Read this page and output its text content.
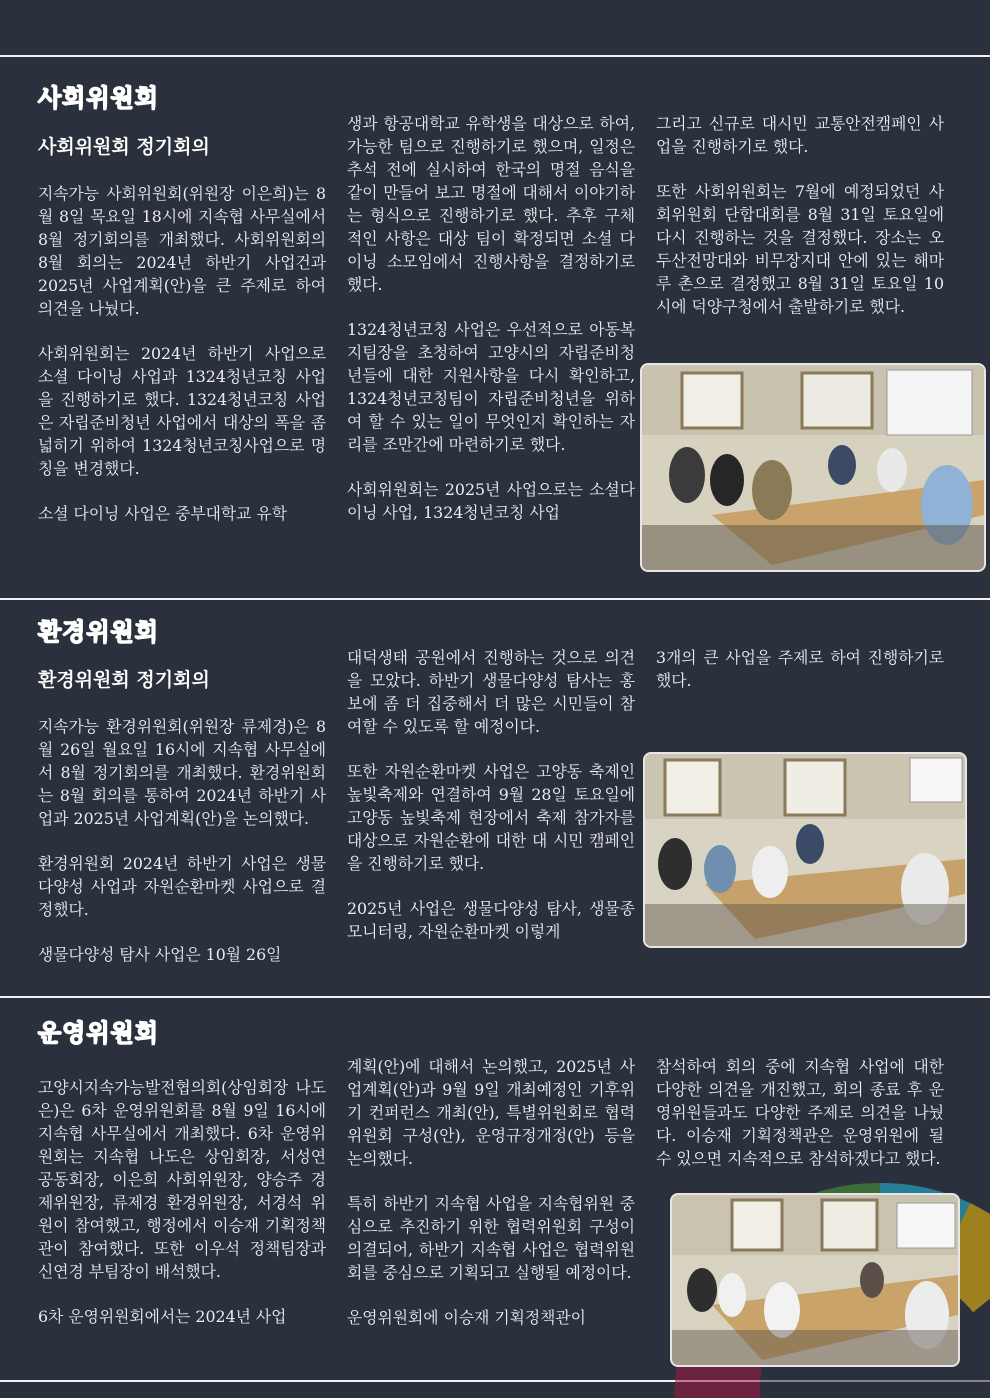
사회위원회
사회위원회 정기회의

지속가능 사회위원회(위원장 이은희)는 8월 8일 목요일 18시에 지속협 사무실에서 8월 정기회의를 개최했다. 사회위원회의 8월 회의는 2024년 하반기 사업건과 2025년 사업계획(안)을 큰 주제로 하여 의견을 나눴다.

사회위원회는 2024년 하반기 사업으로 소셜 다이닝 사업과 1324청년코칭 사업을 진행하기로 했다. 1324청년코칭 사업은 자립준비청년 사업에서 대상의 폭을 좀 넓히기 위하여 1324청년코칭사업으로 명칭을 변경했다.

소셜 다이닝 사업은 중부대학교 유학

생과 항공대학교 유학생을 대상으로 하여, 가능한 팀으로 진행하기로 했으며, 일정은 추석 전에 실시하여 한국의 명절 음식을 같이 만들어 보고 명절에 대해서 이야기하는 형식으로 진행하기로 했다. 추후 구체적인 사항은 대상 팀이 확정되면 소셜 다이닝 소모임에서 진행사항을 결정하기로 했다.

1324청년코칭 사업은 우선적으로 아동복지팀장을 초청하여 고양시의 자립준비청년들에 대한 지원사항을 다시 확인하고, 1324청년코칭팀이 자립준비청년을 위하여 할 수 있는 일이 무엇인지 확인하는 자리를 조만간에 마련하기로 했다.

사회위원회는 2025년 사업으로는 소셜다이닝 사업, 1324청년코칭 사업

그리고 신규로 대시민 교통안전캠페인 사업을 진행하기로 했다.

또한 사회위원회는 7월에 예정되었던 사회위원회 단합대회를 8월 31일 토요일에 다시 진행하는 것을 결정했다. 장소는 오두산전망대와 비무장지대 안에 있는 해마루 촌으로 결정했고 8월 31일 토요일 10시에 덕양구청에서 출발하기로 했다.

환경위원회
환경위원회 정기회의

지속가능 환경위원회(위원장 류제경)은 8월 26일 월요일 16시에 지속협 사무실에서 8월 정기회의를 개최했다. 환경위원회는 8월 회의를 통하여 2024년 하반기 사업과 2025년 사업계획(안)을 논의했다.

환경위원회 2024년 하반기 사업은 생물다양성 사업과 자원순환마켓 사업으로 결정했다.

생물다양성 탐사 사업은 10월 26일

대덕생태 공원에서 진행하는 것으로 의견을 모았다. 하반기 생물다양성 탐사는 홍보에 좀 더 집중해서 더 많은 시민들이 참여할 수 있도록 할 예정이다.

또한 자원순환마켓 사업은 고양동 축제인 높빛축제와 연결하여 9월 28일 토요일에 고양동 높빛축제 현장에서 축제 참가자를 대상으로 자원순환에 대한 대 시민 캠페인을 진행하기로 했다.

2025년 사업은 생물다양성 탐사, 생물종 모니터링, 자원순환마켓 이렇게

3개의 큰 사업을 주제로 하여 진행하기로 했다.

운영위원회

고양시지속가능발전협의회(상임회장 나도은)은 6차 운영위원회를 8월 9일 16시에 지속협 사무실에서 개최했다. 6차 운영위원회는 지속협 나도은 상임회장, 서성연 공동회장, 이은희 사회위원장, 양승주 경제위원장, 류제경 환경위원장, 서경석 위원이 참여했고, 행정에서 이승재 기획정책관이 참여했다. 또한 이우석 정책팀장과 신연경 부팀장이 배석했다.

6차 운영위원회에서는 2024년 사업

계획(안)에 대해서 논의했고, 2025년 사업계획(안)과 9월 9일 개최예정인 기후위기 컨퍼런스 개최(안), 특별위원회로 협력위원회 구성(안), 운영규정개정(안) 등을 논의했다.

특히 하반기 지속협 사업을 지속협위원 중심으로 추진하기 위한 협력위원회 구성이 의결되어, 하반기 지속협 사업은 협력위원회를 중심으로 기획되고 실행될 예정이다.

운영위원회에 이승재 기획정책관이

참석하여 회의 중에 지속협 사업에 대한 다양한 의견을 개진했고, 회의 종료 후 운영위원들과도 다양한 주제로 의견을 나눴다. 이승재 기획정책관은 운영위원에 될 수 있으면 지속적으로 참석하겠다고 했다.
